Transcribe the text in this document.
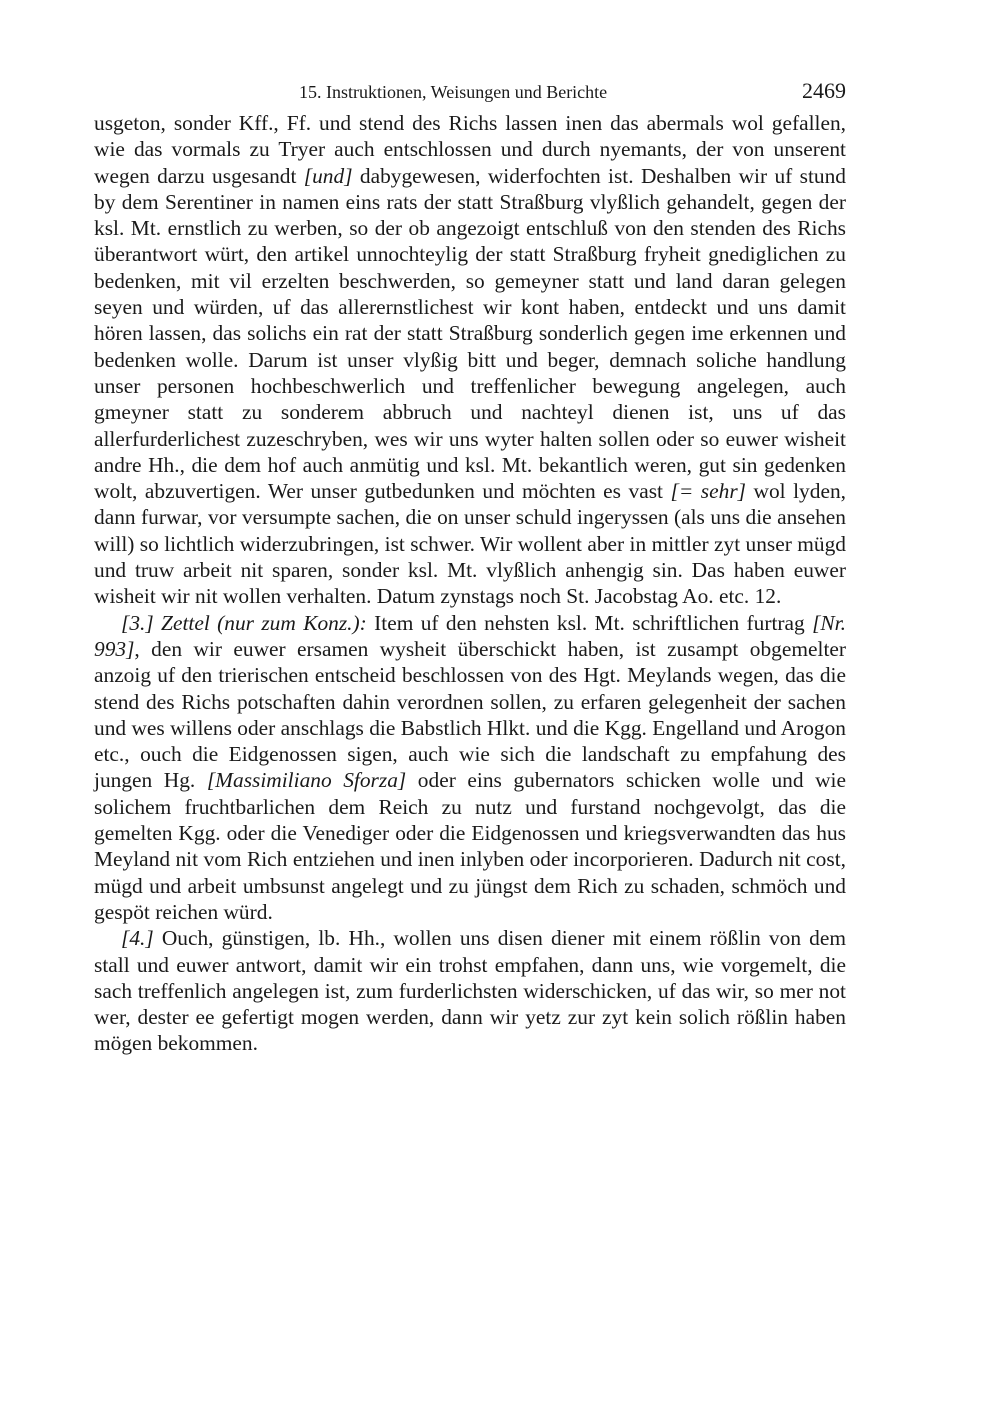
15. Instruktionen, Weisungen und Berichte	2469

usgeton, sonder Kff., Ff. und stend des Richs lassen inen das abermals wol gefallen, wie das vormals zu Tryer auch entschlossen und durch nyemants, der von unserent wegen darzu usgesandt [und] dabygewesen, widerfochten ist. Deshalben wir uf stund by dem Serentiner in namen eins rats der statt Straßburg vlyßlich gehandelt, gegen der ksl. Mt. ernstlich zu werben, so der ob angezoigt entschluß von den stenden des Richs überantwort würt, den artikel unnochteylig der statt Straßburg fryheit gnediglichen zu bedenken, mit vil erzelten beschwerden, so gemeyner statt und land daran gelegen seyen und würden, uf das allerernstlichest wir kont haben, entdeckt und uns damit hören lassen, das solichs ein rat der statt Straßburg sonderlich gegen ime erkennen und bedenken wolle. Darum ist unser vlyßig bitt und beger, demnach soliche handlung unser personen hochbeschwerlich und treffenlicher bewegung angelegen, auch gmeyner statt zu sonderem abbruch und nachteyl dienen ist, uns uf das allerfurderlichest zuzeschryben, wes wir uns wyter halten sollen oder so euwer wisheit andre Hh., die dem hof auch anmütig und ksl. Mt. bekantlich weren, gut sin gedenken wolt, abzuvertigen. Wer unser gutbedunken und möchten es vast [= sehr] wol lyden, dann furwar, vor versumpte sachen, die on unser schuld ingeryssen (als uns die ansehen will) so lichtlich widerzubringen, ist schwer. Wir wollent aber in mittler zyt unser mügd und truw arbeit nit sparen, sonder ksl. Mt. vlyßlich anhengig sin. Das haben euwer wisheit wir nit wollen verhalten. Datum zynstags noch St. Jacobstag Ao. etc. 12.

[3.] Zettel (nur zum Konz.): Item uf den nehsten ksl. Mt. schriftlichen furtrag [Nr. 993], den wir euwer ersamen wysheit überschickt haben, ist zusampt obgemelter anzoig uf den trierischen entscheid beschlossen von des Hgt. Meylands wegen, das die stend des Richs potschaften dahin verordnen sollen, zu erfaren gelegenheit der sachen und wes willens oder anschlags die Babstlich Hlkt. und die Kgg. Engelland und Arogon etc., ouch die Eidgenossen sigen, auch wie sich die landschaft zu empfahung des jungen Hg. [Massimiliano Sforza] oder eins gubernators schicken wolle und wie solichem fruchtbarlichen dem Reich zu nutz und furstand nochgevolgt, das die gemelten Kgg. oder die Venediger oder die Eidgenossen und kriegsverwandten das hus Meyland nit vom Rich entziehen und inen inlyben oder incorporieren. Dadurch nit cost, mügd und arbeit umbsunst angelegt und zu jüngst dem Rich zu schaden, schmöch und gespöt reichen würd.

[4.] Ouch, günstigen, lb. Hh., wollen uns disen diener mit einem rößlin von dem stall und euwer antwort, damit wir ein trohst empfahen, dann uns, wie vorgemelt, die sach treffenlich angelegen ist, zum furderlichsten widerschicken, uf das wir, so mer not wer, dester ee gefertigt mogen werden, dann wir yetz zur zyt kein solich rößlin haben mögen bekommen.
